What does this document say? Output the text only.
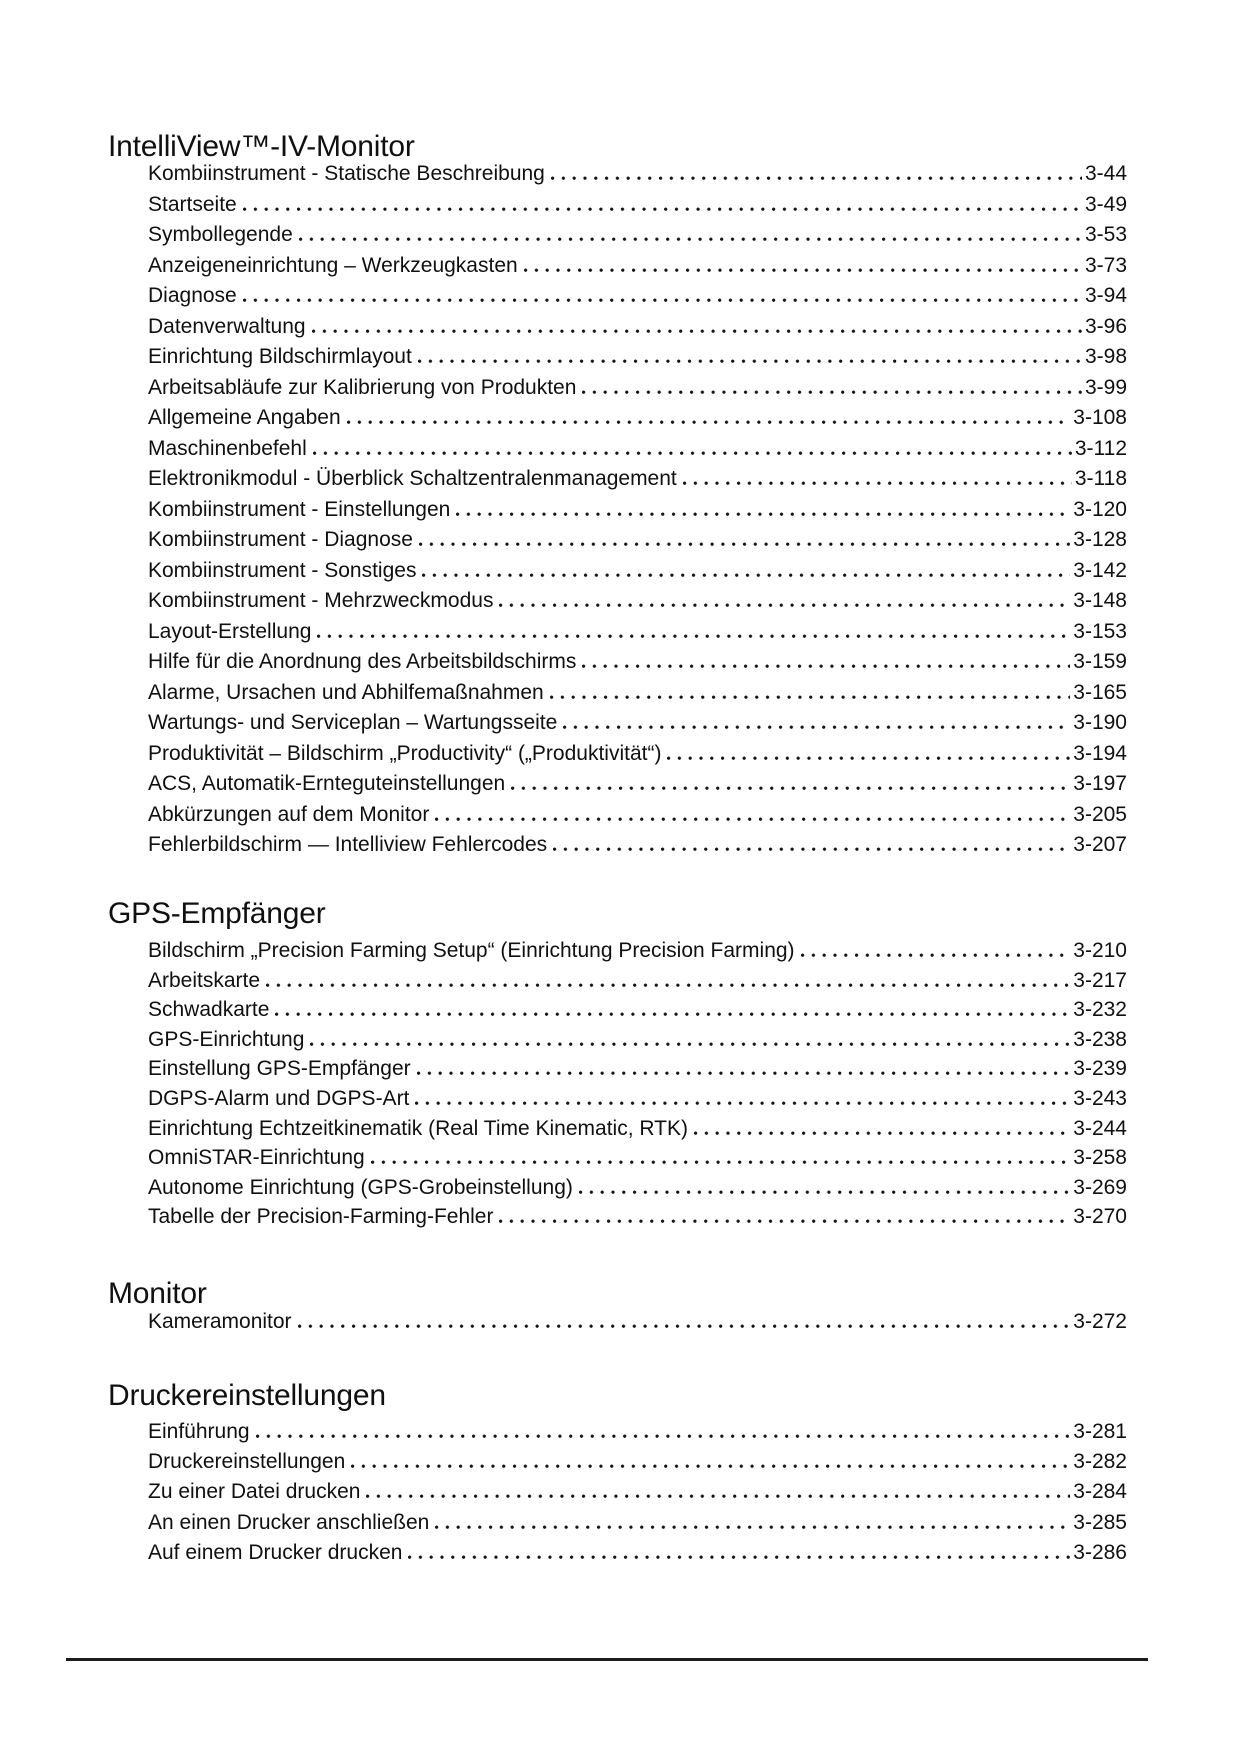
IntelliView™-IV-Monitor
Kombiinstrument - Statische Beschreibung	3-44
Startseite	3-49
Symbollegende	3-53
Anzeigeneinrichtung – Werkzeugkasten	3-73
Diagnose	3-94
Datenverwaltung	3-96
Einrichtung Bildschirmlayout	3-98
Arbeitsabläufe zur Kalibrierung von Produkten	3-99
Allgemeine Angaben	3-108
Maschinenbefehl	3-112
Elektronikmodul - Überblick Schaltzentralenmanagement	3-118
Kombiinstrument - Einstellungen	3-120
Kombiinstrument - Diagnose	3-128
Kombiinstrument - Sonstiges	3-142
Kombiinstrument - Mehrzweckmodus	3-148
Layout-Erstellung	3-153
Hilfe für die Anordnung des Arbeitsbildschirms	3-159
Alarme, Ursachen und Abhilfemaßnahmen	3-165
Wartungs- und Serviceplan – Wartungsseite	3-190
Produktivität – Bildschirm „Productivity“ („Produktivität“)	3-194
ACS, Automatik-Ernteguteinstellungen	3-197
Abkürzungen auf dem Monitor	3-205
Fehlerbildschirm — Intelliview Fehlercodes	3-207
GPS-Empfänger
Bildschirm „Precision Farming Setup“ (Einrichtung Precision Farming)	3-210
Arbeitskarte	3-217
Schwadkarte	3-232
GPS-Einrichtung	3-238
Einstellung GPS-Empfänger	3-239
DGPS-Alarm und DGPS-Art	3-243
Einrichtung Echtzeitkinematik (Real Time Kinematic, RTK)	3-244
OmniSTAR-Einrichtung	3-258
Autonome Einrichtung (GPS-Grobeinstellung)	3-269
Tabelle der Precision-Farming-Fehler	3-270
Monitor
Kameramonitor	3-272
Druckereinstellungen
Einführung	3-281
Druckereinstellungen	3-282
Zu einer Datei drucken	3-284
An einen Drucker anschließen	3-285
Auf einem Drucker drucken	3-286
